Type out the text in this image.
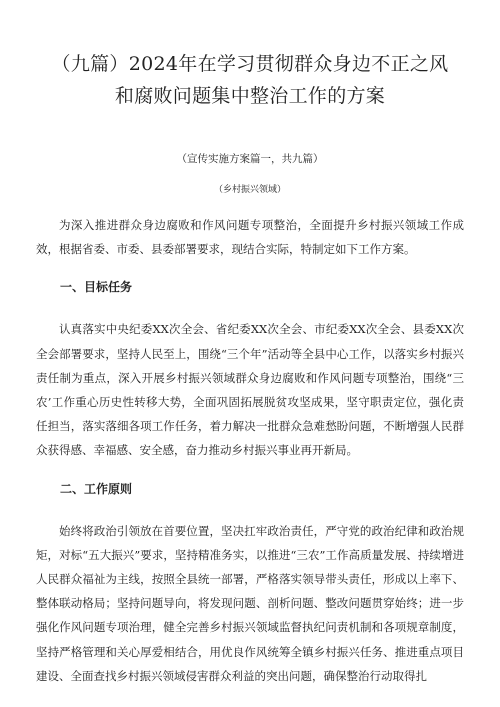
（九篇）2024年在学习贯彻群众身边不正之风和腐败问题集中整治工作的方案
（宣传实施方案篇一，共九篇）
（乡村振兴领域）

为深入推进群众身边腐败和作风问题专项整治，全面提升乡村振兴领域工作成效，根据省委、市委、县委部署要求，现结合实际，特制定如下工作方案。

一、目标任务

认真落实中央纪委XX次全会、省纪委XX次全会、市纪委XX次全会、县委XX次全会部署要求，坚持人民至上，围绕“三个年”活动等全县中心工作，以落实乡村振兴责任制为重点，深入开展乡村振兴领域群众身边腐败和作风问题专项整治，围绕“三农’工作重心历史性转移大势，全面巩固拓展脱贫攻坚成果，坚守职责定位，强化责任担当，落实落细各项工作任务，着力解决一批群众急难愁盼问题，不断增强人民群众获得感、幸福感、安全感，奋力推动乡村振兴事业再开新局。

二、工作原则

始终将政治引领放在首要位置，坚决扛牢政治责任，严守党的政治纪律和政治规矩，对标“五大振兴”要求，坚持精准务实，以推进“三农”工作高质量发展、持续增进人民群众福祉为主线，按照全县统一部署，严格落实领导带头责任，形成以上率下、整体联动格局；坚持问题导向，将发现问题、剖析问题、整改问题贯穿始终；进一步强化作风问题专项治理，健全完善乡村振兴领域监督执纪问责机制和各项规章制度，坚持严格管理和关心厚爱相结合，用优良作风统筹全镇乡村振兴任务、推进重点项目建设、全面查找乡村振兴领域侵害群众利益的突出问题，确保整治行动取得扎
